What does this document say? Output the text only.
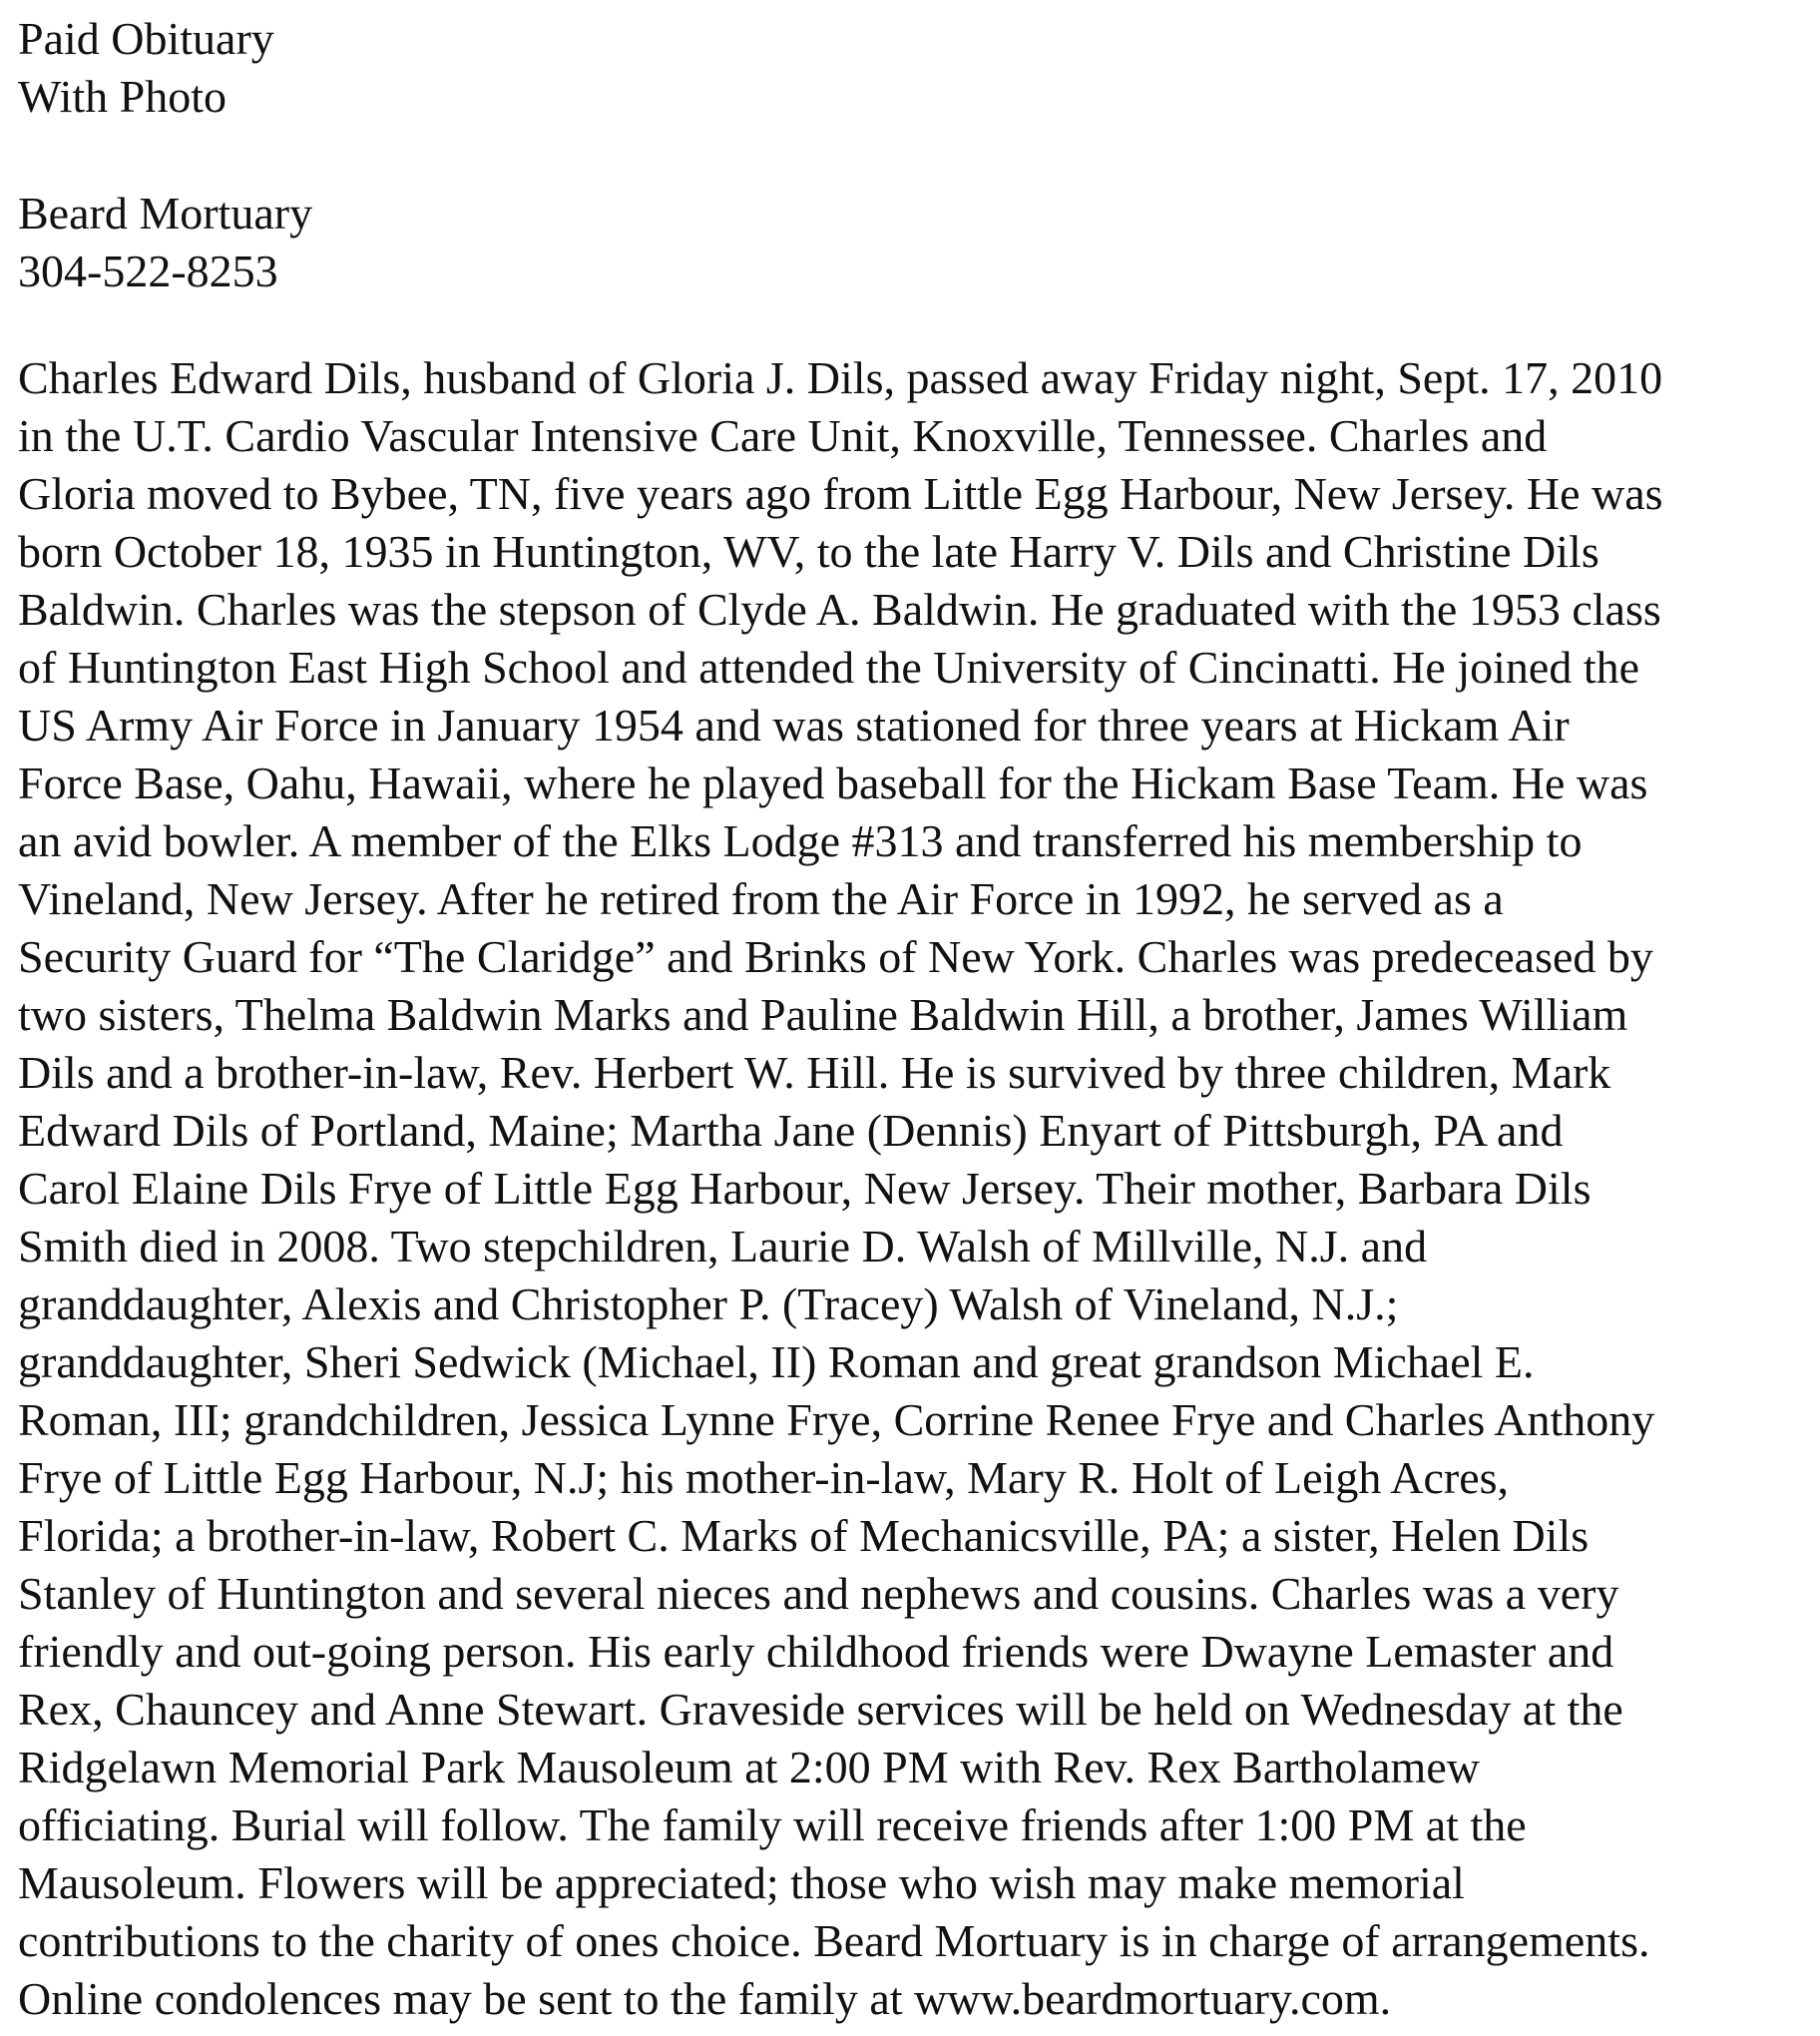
Paid Obituary
With Photo
Beard Mortuary
304-522-8253
Charles Edward Dils, husband of Gloria J. Dils, passed away Friday night, Sept. 17, 2010
in the U.T. Cardio Vascular Intensive Care Unit, Knoxville, Tennessee. Charles and
Gloria moved to Bybee, TN, five years ago from Little Egg Harbour, New Jersey. He was
born October 18, 1935 in Huntington, WV, to the late Harry V. Dils and Christine Dils
Baldwin. Charles was the stepson of Clyde A. Baldwin. He graduated with the 1953 class
of Huntington East High School and attended the University of Cincinatti. He joined the
US Army Air Force in January 1954 and was stationed for three years at Hickam Air
Force Base, Oahu, Hawaii, where he played baseball for the Hickam Base Team. He was
an avid bowler. A member of the Elks Lodge #313 and transferred his membership to
Vineland, New Jersey. After he retired from the Air Force in 1992, he served as a
Security Guard for “The Claridge” and Brinks of New York. Charles was predeceased by
two sisters, Thelma Baldwin Marks and Pauline Baldwin Hill, a brother, James William
Dils and a brother-in-law, Rev. Herbert W. Hill. He is survived by three children, Mark
Edward Dils of Portland, Maine; Martha Jane (Dennis) Enyart of Pittsburgh, PA and
Carol Elaine Dils Frye of Little Egg Harbour, New Jersey. Their mother, Barbara Dils
Smith died in 2008. Two stepchildren, Laurie D. Walsh of Millville, N.J. and
granddaughter, Alexis and Christopher P. (Tracey) Walsh of Vineland, N.J.;
granddaughter, Sheri Sedwick (Michael, II) Roman and great grandson Michael E.
Roman, III; grandchildren, Jessica Lynne Frye, Corrine Renee Frye and Charles Anthony
Frye of Little Egg Harbour, N.J; his mother-in-law, Mary R. Holt of Leigh Acres,
Florida; a brother-in-law, Robert C. Marks of Mechanicsville, PA; a sister, Helen Dils
Stanley of Huntington and several nieces and nephews and cousins. Charles was a very
friendly and out-going person. His early childhood friends were Dwayne Lemaster and
Rex, Chauncey and Anne Stewart. Graveside services will be held on Wednesday at the
Ridgelawn Memorial Park Mausoleum at 2:00 PM with Rev. Rex Bartholamew
officiating. Burial will follow. The family will receive friends after 1:00 PM at the
Mausoleum. Flowers will be appreciated; those who wish may make memorial
contributions to the charity of ones choice. Beard Mortuary is in charge of arrangements.
Online condolences may be sent to the family at www.beardmortuary.com.
